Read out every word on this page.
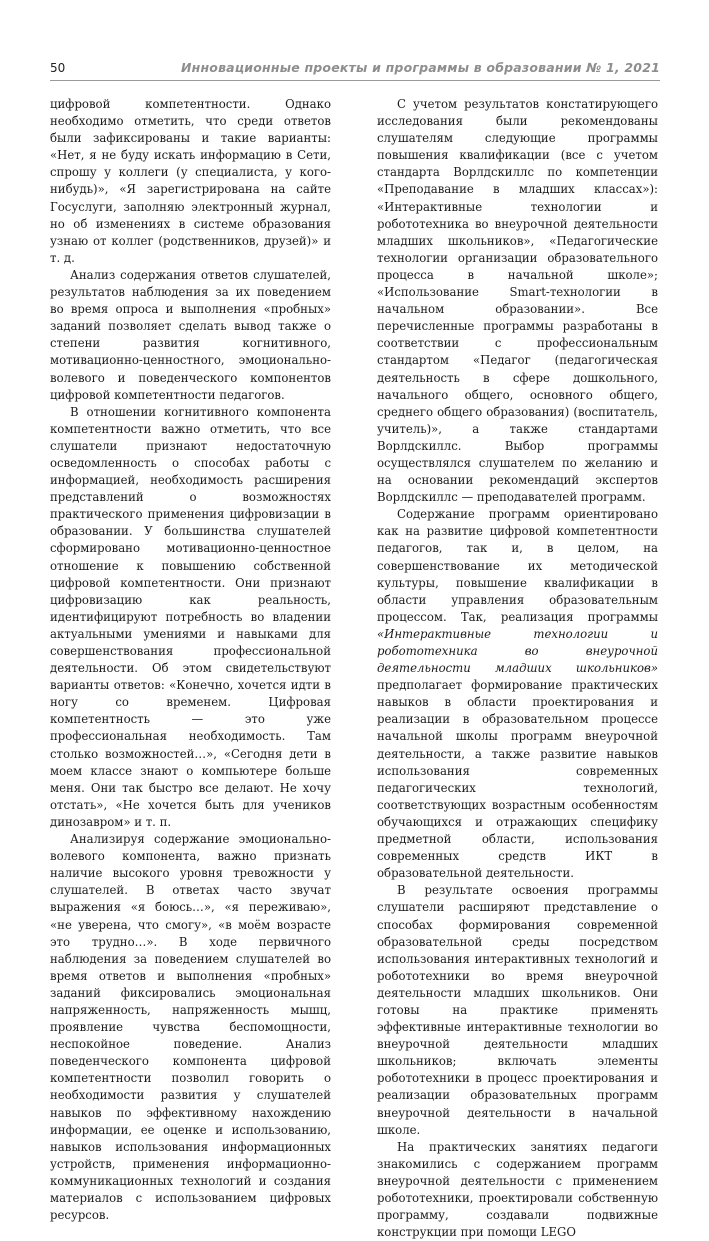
50	Инновационные проекты и программы в образовании № 1, 2021

цифровой компетентности. Однако необходимо отметить, что среди ответов были зафиксированы и такие варианты: «Нет, я не буду искать информацию в Сети, спрошу у коллеги (у специалиста, у кого-нибудь)», «Я зарегистрирована на сайте Госуслуги, заполняю электронный журнал, но об изменениях в системе образования узнаю от коллег (родственников, друзей)» и т. д.

Анализ содержания ответов слушателей, результатов наблюдения за их поведением во время опроса и выполнения «пробных» заданий позволяет сделать вывод также о степени развития когнитивного, мотивационно-ценностного, эмоционально-волевого и поведенческого компонентов цифровой компетентности педагогов.

В отношении когнитивного компонента компетентности важно отметить, что все слушатели признают недостаточную осведомленность о способах работы с информацией, необходимость расширения представлений о возможностях практического применения цифровизации в образовании. У большинства слушателей сформировано мотивационно-ценностное отношение к повышению собственной цифровой компетентности. Они признают цифровизацию как реальность, идентифицируют потребность во владении актуальными умениями и навыками для совершенствования профессиональной деятельности. Об этом свидетельствуют варианты ответов: «Конечно, хочется идти в ногу со временем. Цифровая компетентность — это уже профессиональная необходимость. Там столько возможностей…», «Сегодня дети в моем классе знают о компьютере больше меня. Они так быстро все делают. Не хочу отстать», «Не хочется быть для учеников динозавром» и т. п.

Анализируя содержание эмоционально-волевого компонента, важно признать наличие высокого уровня тревожности у слушателей. В ответах часто звучат выражения «я боюсь…», «я переживаю», «не уверена, что смогу», «в моём возрасте это трудно…». В ходе первичного наблюдения за поведением слушателей во время ответов и выполнения «пробных» заданий фиксировались эмоциональная напряженность, напряженность мышц, проявление чувства беспомощности, неспокойное поведение. Анализ поведенческого компонента цифровой компетентности позволил говорить о необходимости развития у слушателей навыков по эффективному нахождению информации, ее оценке и использованию, навыков использования информационных устройств, применения информационно-коммуникационных технологий и создания материалов с использованием цифровых ресурсов.

С учетом результатов констатирующего исследования были рекомендованы слушателям следующие программы повышения квалификации (все с учетом стандарта Ворлдскиллс по компетенции «Преподавание в младших классах»): «Интерактивные технологии и робототехника во внеурочной деятельности младших школьников», «Педагогические технологии организации образовательного процесса в начальной школе»; «Использование Smart-технологии в начальном образовании». Все перечисленные программы разработаны в соответствии с профессиональным стандартом «Педагог (педагогическая деятельность в сфере дошкольного, начального общего, основного общего, среднего общего образования) (воспитатель, учитель)», а также стандартами Ворлдскиллс. Выбор программы осуществлялся слушателем по желанию и на основании рекомендаций экспертов Ворлдскиллс — преподавателей программ.

Содержание программ ориентировано как на развитие цифровой компетентности педагогов, так и, в целом, на совершенствование их методической культуры, повышение квалификации в области управления образовательным процессом. Так, реализация программы «Интерактивные технологии и робототехника во внеурочной деятельности младших школьников» предполагает формирование практических навыков в области проектирования и реализации в образовательном процессе начальной школы программ внеурочной деятельности, а также развитие навыков использования современных педагогических технологий, соответствующих возрастным особенностям обучающихся и отражающих специфику предметной области, использования современных средств ИКТ в образовательной деятельности.

В результате освоения программы слушатели расширяют представление о способах формирования современной образовательной среды посредством использования интерактивных технологий и робототехники во время внеурочной деятельности младших школьников. Они готовы на практике применять эффективные интерактивные технологии во внеурочной деятельности младших школьников; включать элементы робототехники в процесс проектирования и реализации образовательных программ внеурочной деятельности в начальной школе.

На практических занятиях педагоги знакомились с содержанием программ внеурочной деятельности с применением робототехники, проектировали собственную программу, создавали подвижные конструкции при помощи LEGO
